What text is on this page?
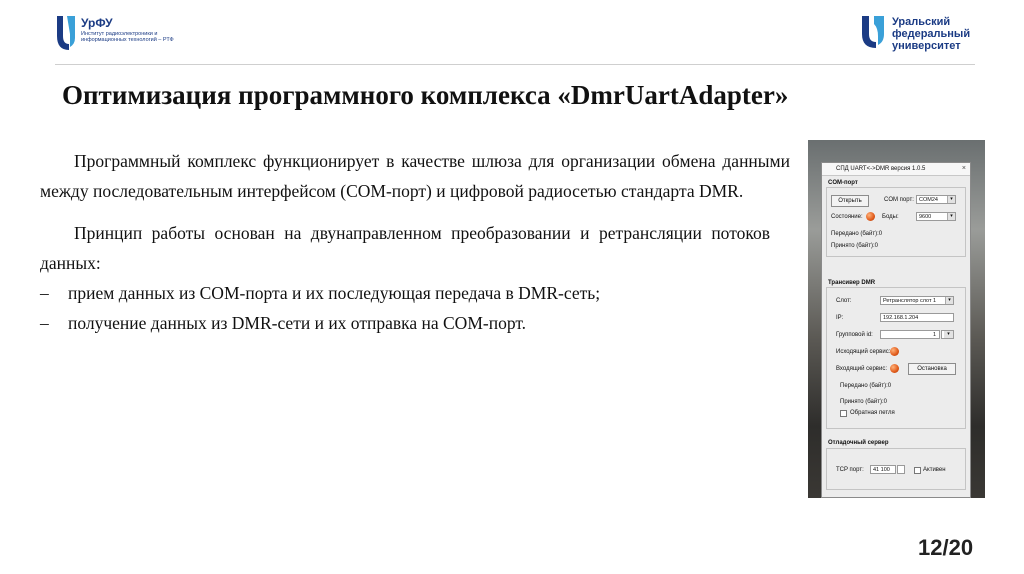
УрФУ
Институт радиоэлектроники и информационных технологий – РТФ
Уральский
федеральный
университет
Оптимизация программного комплекса «DmrUartAdapter»

Программный комплекс функционирует в качестве шлюза для организации обмена данными между последовательным интерфейсом (COM-порт) и цифровой радиосетью стандарта DMR.

Принцип работы основан на двунаправленном преобразовании и ретрансляции потоков данных:

–	прием данных из COM-порта и их последующая передача в DMR-сеть;
–	получение данных из DMR-сети и их отправка на COM-порт.
СПД UART<->DMR версия 1.0.5	×
COM-порт
Открыть	COM порт: COM24	▾
Состояние:	Боды:	9600	▾
Передано (байт):0
Принято (байт):0
Трансивер DMR
Слот:	Ретранслятор слот 1	▾
IP:	192.168.1.204
Групповой id:	1	▾
Исходящий сервис:
Входящий сервис:	Остановка
Передано (байт):0
Принято (байт):0
Обратная петля
Отладочный сервер
TCP порт:	41 100	Активен
12/20
